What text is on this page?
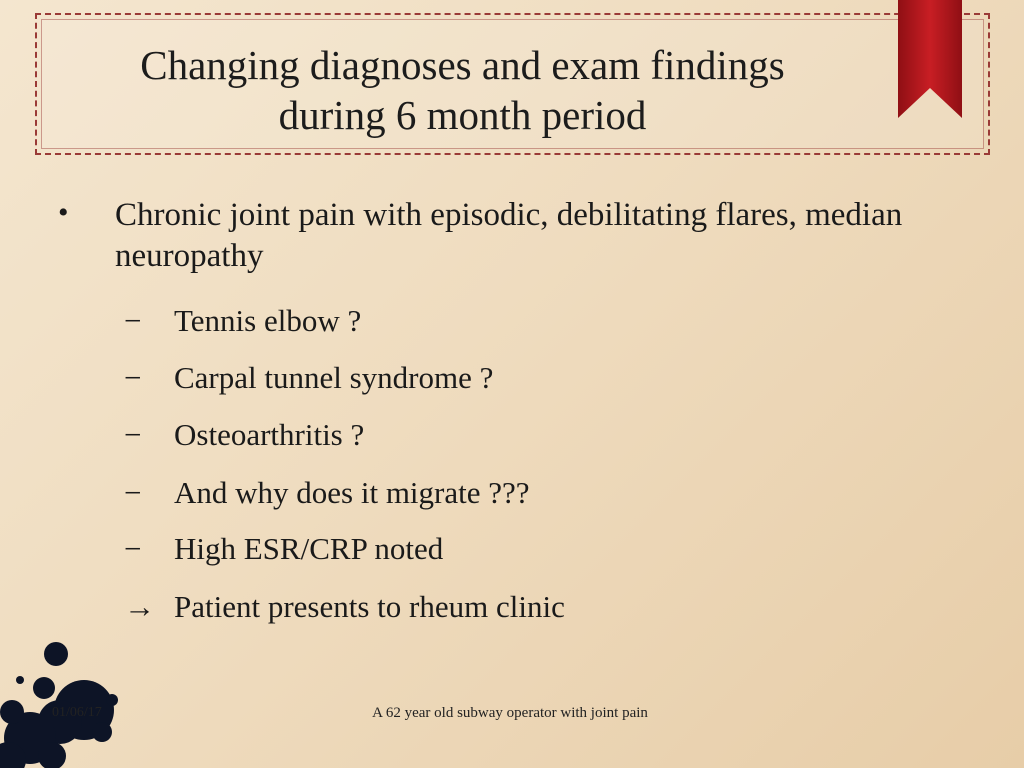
Changing diagnoses and exam findings
during 6 month period
• Chronic joint pain with episodic, debilitating flares, median neuropathy
− Tennis elbow ?
− Carpal tunnel syndrome ?
− Osteoarthritis ?
− And why does it migrate ???
− High ESR/CRP noted
→ Patient presents to rheum clinic
01/06/17	A 62 year old subway operator with joint pain
